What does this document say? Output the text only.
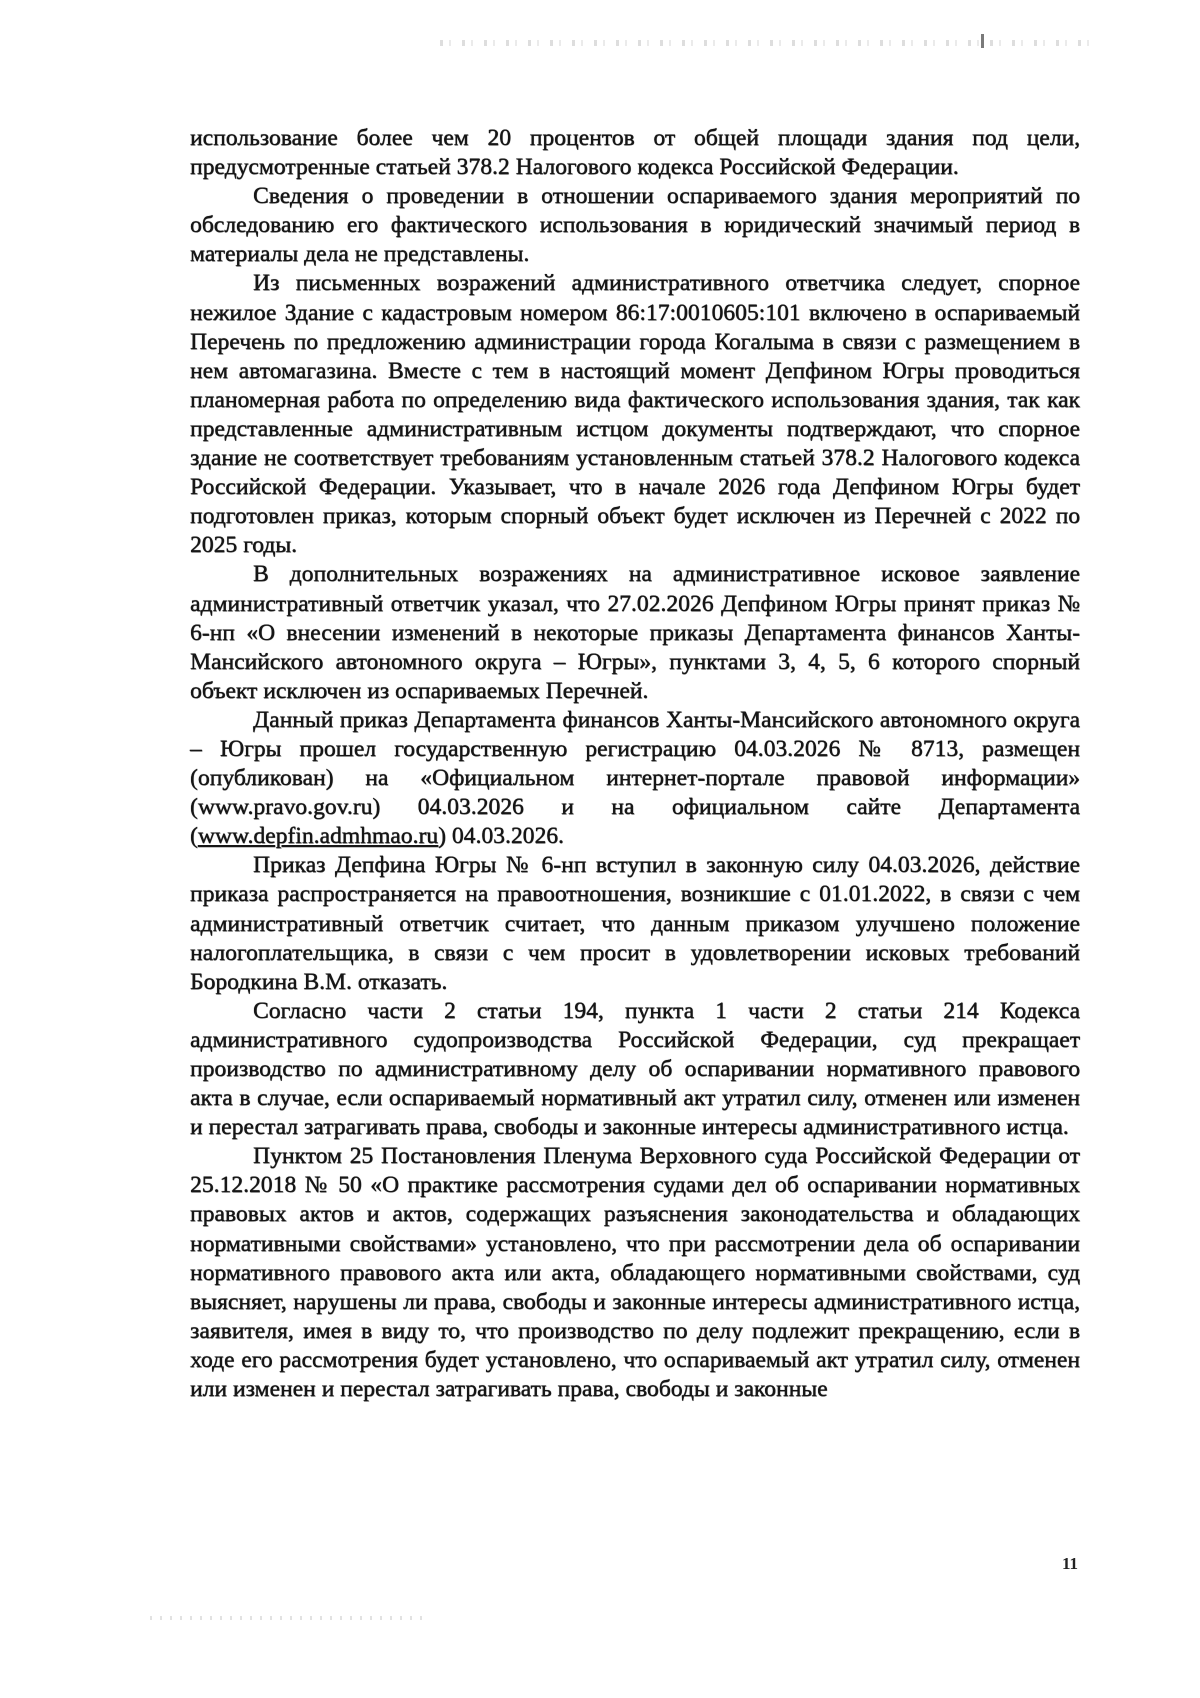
использование более чем 20 процентов от общей площади здания под цели, предусмотренные статьей 378.2 Налогового кодекса Российской Федерации.

Сведения о проведении в отношении оспариваемого здания мероприятий по обследованию его фактического использования в юридический значимый период в материалы дела не представлены.

Из письменных возражений административного ответчика следует, спорное нежилое Здание с кадастровым номером 86:17:0010605:101 включено в оспариваемый Перечень по предложению администрации города Когалыма в связи с размещением в нем автомагазина. Вместе с тем в настоящий момент Депфином Югры проводиться планомерная работа по определению вида фактического использования здания, так как представленные административным истцом документы подтверждают, что спорное здание не соответствует требованиям установленным статьей 378.2 Налогового кодекса Российской Федерации. Указывает, что в начале 2026 года Депфином Югры будет подготовлен приказ, которым спорный объект будет исключен из Перечней с 2022 по 2025 годы.

В дополнительных возражениях на административное исковое заявление административный ответчик указал, что 27.02.2026 Депфином Югры принят приказ № 6-нп «О внесении изменений в некоторые приказы Департамента финансов Ханты-Мансийского автономного округа – Югры», пунктами 3, 4, 5, 6 которого спорный объект исключен из оспариваемых Перечней.

Данный приказ Департамента финансов Ханты-Мансийского автономного округа – Югры прошел государственную регистрацию 04.03.2026 № 8713, размещен (опубликован) на «Официальном интернет-портале правовой информации» (www.pravo.gov.ru) 04.03.2026 и на официальном сайте Департамента (www.depfin.admhmao.ru) 04.03.2026.

Приказ Депфина Югры № 6-нп вступил в законную силу 04.03.2026, действие приказа распространяется на правоотношения, возникшие с 01.01.2022, в связи с чем административный ответчик считает, что данным приказом улучшено положение налогоплательщика, в связи с чем просит в удовлетворении исковых требований Бородкина В.М. отказать.

Согласно части 2 статьи 194, пункта 1 части 2 статьи 214 Кодекса административного судопроизводства Российской Федерации, суд прекращает производство по административному делу об оспаривании нормативного правового акта в случае, если оспариваемый нормативный акт утратил силу, отменен или изменен и перестал затрагивать права, свободы и законные интересы административного истца.

Пунктом 25 Постановления Пленума Верховного суда Российской Федерации от 25.12.2018 № 50 «О практике рассмотрения судами дел об оспаривании нормативных правовых актов и актов, содержащих разъяснения законодательства и обладающих нормативными свойствами» установлено, что при рассмотрении дела об оспаривании нормативного правового акта или акта, обладающего нормативными свойствами, суд выясняет, нарушены ли права, свободы и законные интересы административного истца, заявителя, имея в виду то, что производство по делу подлежит прекращению, если в ходе его рассмотрения будет установлено, что оспариваемый акт утратил силу, отменен или изменен и перестал затрагивать права, свободы и законные

11
